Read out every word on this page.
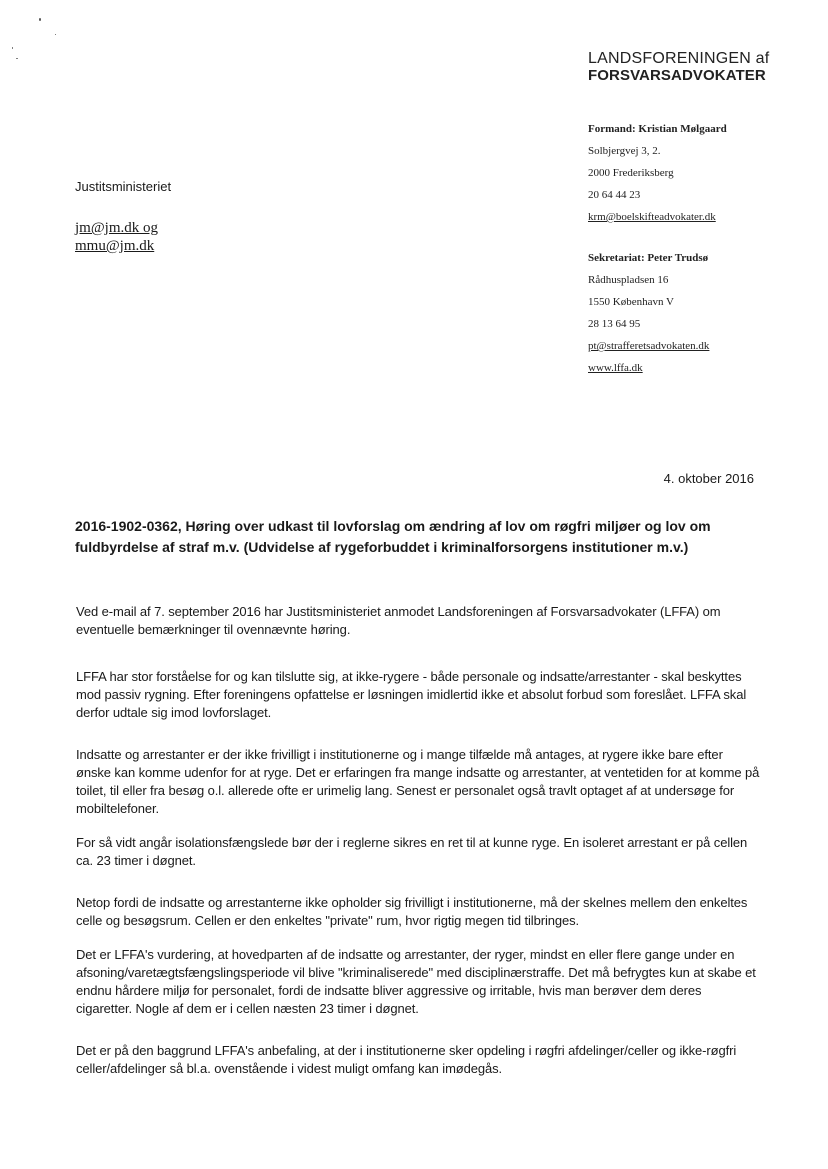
LANDSFORENINGEN af
FORSVARSADVOKATER
Formand: Kristian Mølgaard
Solbjergvej 3, 2.
2000 Frederiksberg
20 64 44 23
krm@boelskifteadvokater.dk
Sekretariat: Peter Trudsø
Rådhuspladsen 16
1550 København V
28 13 64 95
pt@strafferetsadvokaten.dk
www.lffa.dk
Justitsministeriet
jm@jm.dk og
mmu@jm.dk
4. oktober 2016
2016-1902-0362, Høring over udkast til lovforslag om ændring af lov om røgfri miljøer og lov om fuldbyrdelse af straf m.v. (Udvidelse af rygeforbuddet i kriminalforsorgens institutioner m.v.)
Ved e-mail af 7. september 2016 har Justitsministeriet anmodet Landsforeningen af Forsvarsadvokater (LFFA) om eventuelle bemærkninger til ovennævnte høring.
LFFA har stor forståelse for og kan tilslutte sig, at ikke-rygere - både personale og indsatte/arrestanter - skal beskyttes mod passiv rygning. Efter foreningens opfattelse er løsningen imidlertid ikke et absolut forbud som foreslået. LFFA skal derfor udtale sig imod lovforslaget.
Indsatte og arrestanter er der ikke frivilligt i institutionerne og i mange tilfælde må antages, at rygere ikke bare efter ønske kan komme udenfor for at ryge. Det er erfaringen fra mange indsatte og arrestanter, at ventetiden for at komme på toilet, til eller fra besøg o.l. allerede ofte er urimelig lang. Senest er personalet også travlt optaget af at undersøge for mobiltelefoner.
For så vidt angår isolationsfængslede bør der i reglerne sikres en ret til at kunne ryge. En isoleret arrestant er på cellen ca. 23 timer i døgnet.
Netop fordi de indsatte og arrestanterne ikke opholder sig frivilligt i institutionerne, må der skelnes mellem den enkeltes celle og besøgsrum. Cellen er den enkeltes "private" rum, hvor rigtig megen tid tilbringes.
Det er LFFA's vurdering, at hovedparten af de indsatte og arrestanter, der ryger, mindst en eller flere gange under en afsoning/varetægtsfængslingsperiode vil blive "kriminaliserede" med disciplinærstraffe. Det må befrygtes kun at skabe et endnu hårdere miljø for personalet, fordi de indsatte bliver aggressive og irritable, hvis man berøver dem deres cigaretter. Nogle af dem er i cellen næsten 23 timer i døgnet.
Det er på den baggrund LFFA's anbefaling, at der i institutionerne sker opdeling i røgfri afdelinger/celler og ikke-røgfri celler/afdelinger så bl.a. ovenstående i videst muligt omfang kan imødegås.
